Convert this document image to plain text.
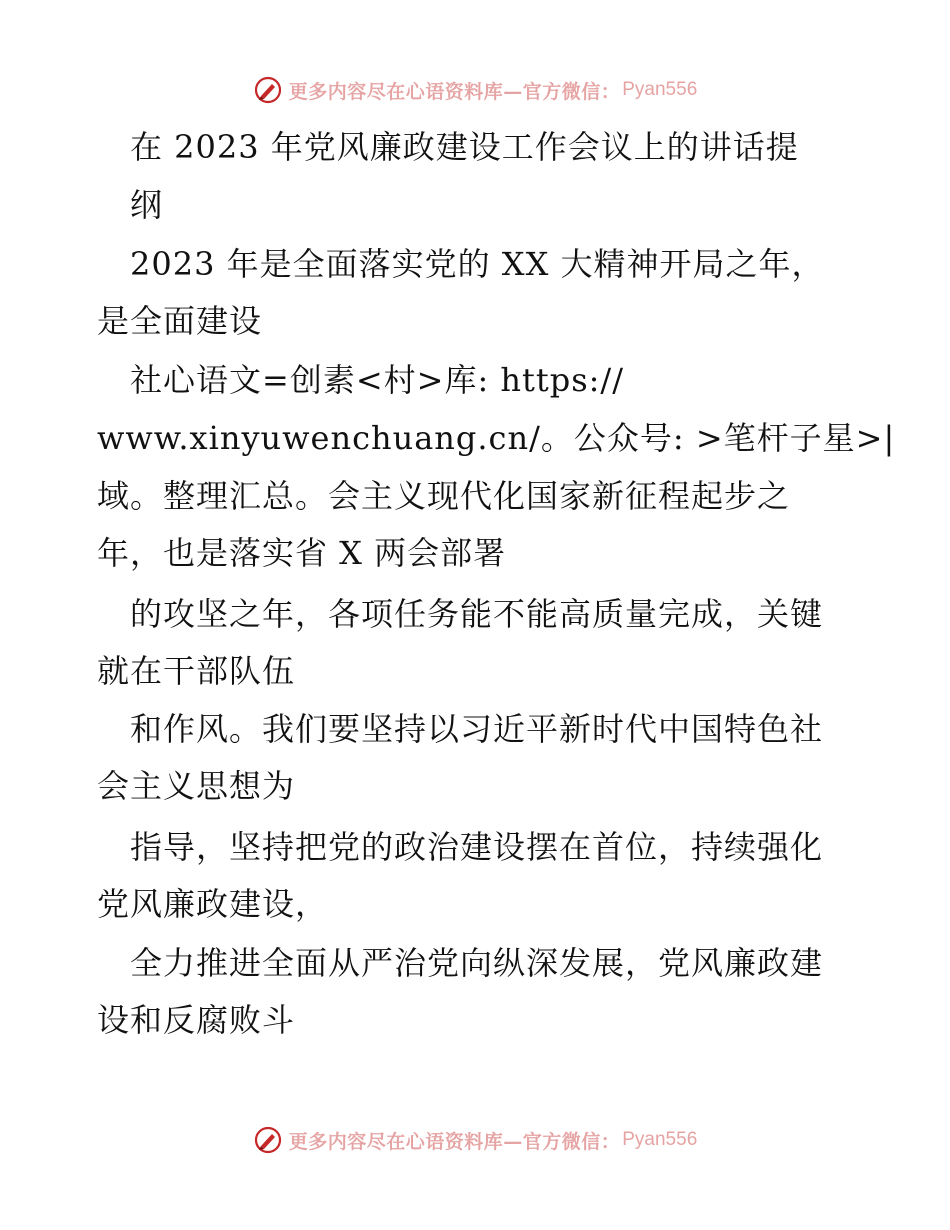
更多内容尽在心语资料库—官方微信： Pyan556
　在 2023 年党风廉政建设工作会议上的讲话提
　纲
　2023 年是全面落实党的 XX 大精神开局之年，
是全面建设
　社心语文=创素<村>库: https://
www.xinyuwenchuang.cn/。公众号: >笔杆子星>|
域。整理汇总。会主义现代化国家新征程起步之
年，也是落实省 X 两会部署
　的攻坚之年，各项任务能不能高质量完成，关键
就在干部队伍
　和作风。我们要坚持以习近平新时代中国特色社
会主义思想为
　指导，坚持把党的政治建设摆在首位，持续强化
党风廉政建设，
　全力推进全面从严治党向纵深发展，党风廉政建
设和反腐败斗
更多内容尽在心语资料库—官方微信： Pyan556
